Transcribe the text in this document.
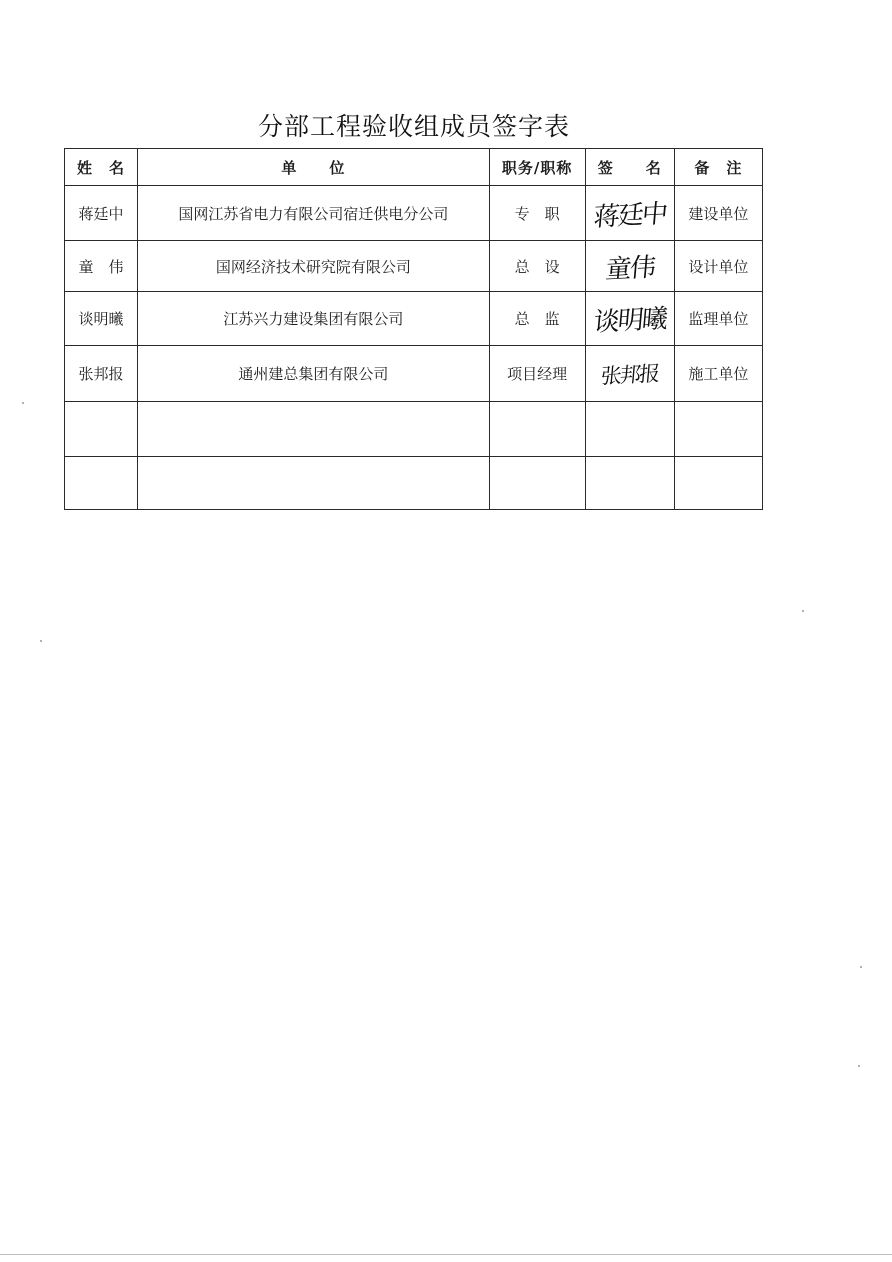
分部工程验收组成员签字表
姓　名	单　　位	职务/职称	签　　名	备　注
蒋廷中	国网江苏省电力有限公司宿迁供电分公司	专　职	蒋廷中	建设单位
童　伟	国网经济技术研究院有限公司	总　设	童伟	设计单位
谈明曦	江苏兴力建设集团有限公司	总　监	谈明曦	监理单位
张邦报	通州建总集团有限公司	项目经理	张邦报	施工单位
